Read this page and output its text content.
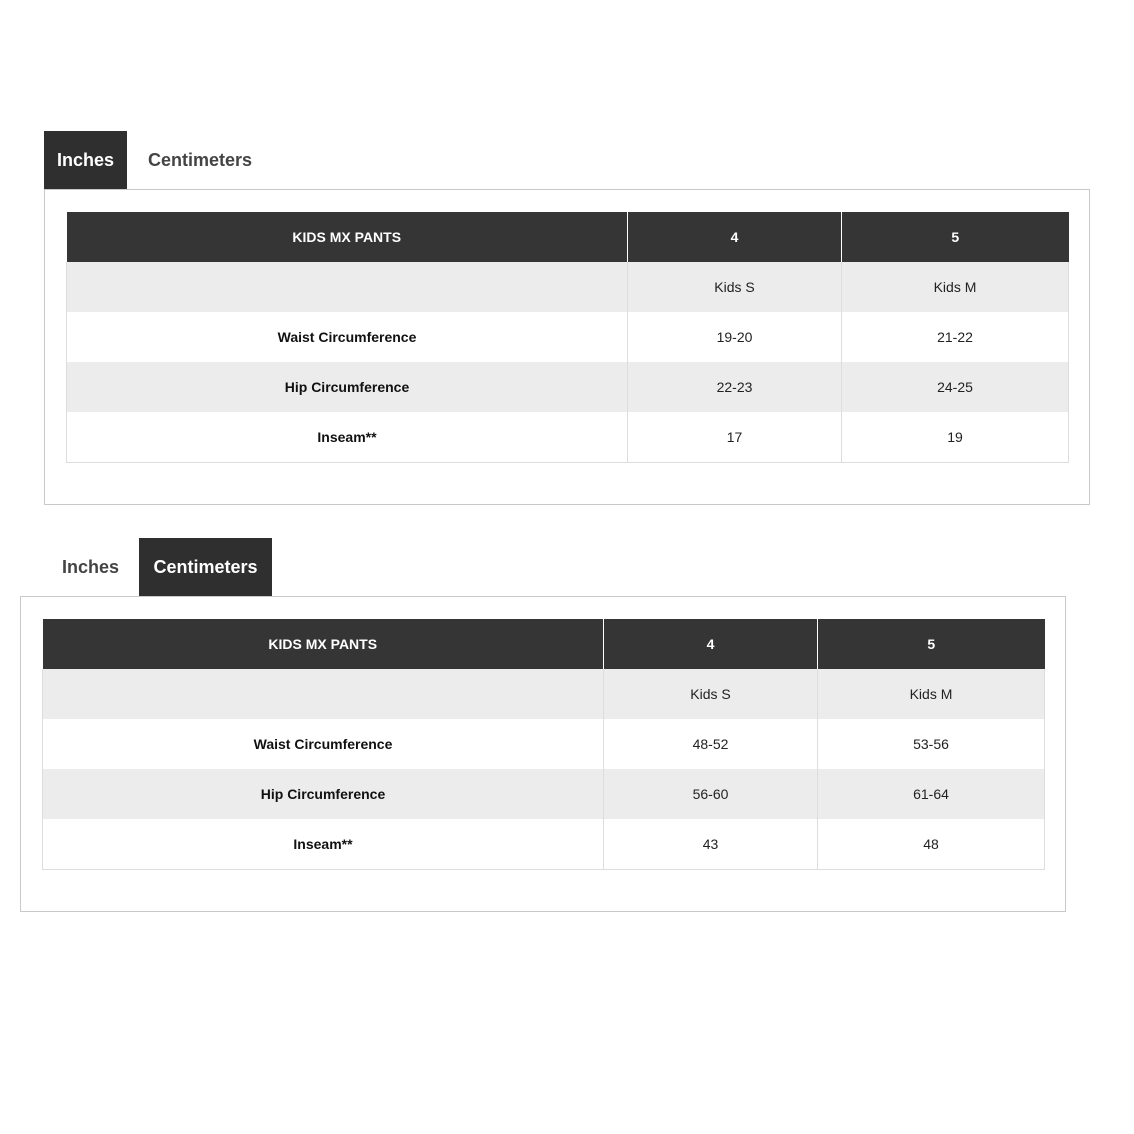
Inches	Centimeters
KIDS MX PANTS	4	5
	Kids S	Kids M
Waist Circumference	19-20	21-22
Hip Circumference	22-23	24-25
Inseam**	17	19
Inches	Centimeters
KIDS MX PANTS	4	5
	Kids S	Kids M
Waist Circumference	48-52	53-56
Hip Circumference	56-60	61-64
Inseam**	43	48
